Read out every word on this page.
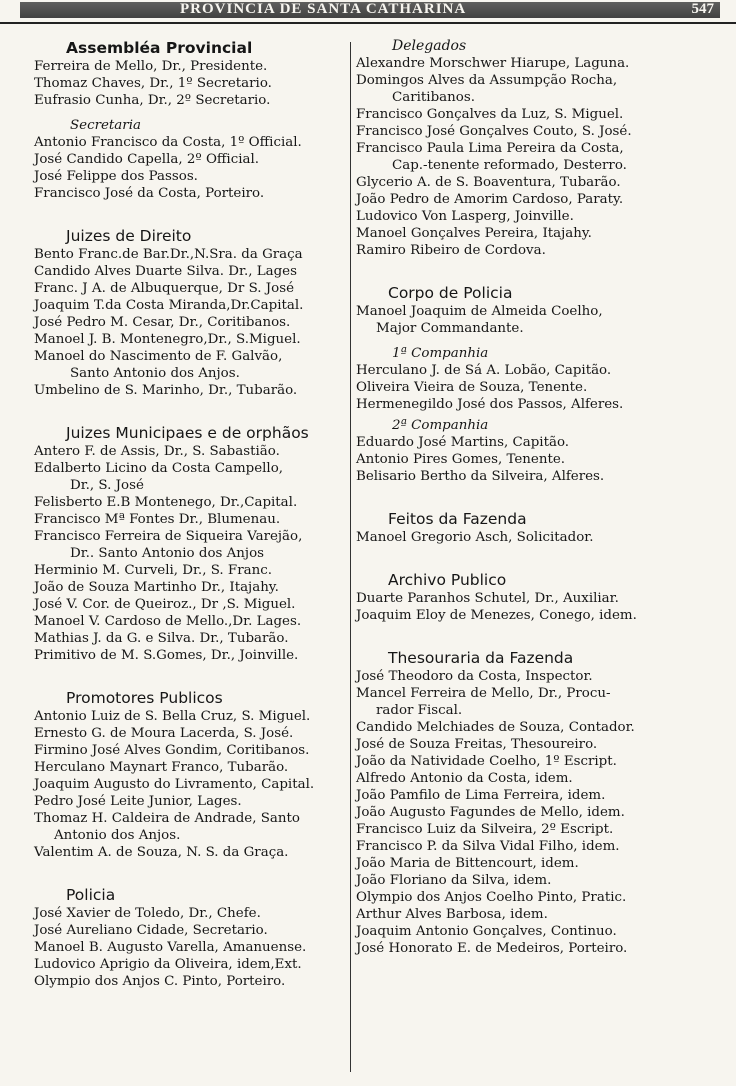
PROVINCIA DE SANTA CATHARINA	547
Assembléa Provincial
Ferreira de Mello, Dr., Presidente.
Thomaz Chaves, Dr., 1º Secretario.
Eufrasio Cunha, Dr., 2º Secretario.
Secretaria
Antonio Francisco da Costa, 1º Official.
José Candido Capella, 2º Official.
José Felippe dos Passos.
Francisco José da Costa, Porteiro.
Juizes de Direito
Bento Franc.de Bar.Dr.,N.Sra. da Graça
Candido Alves Duarte Silva. Dr., Lages
Franc. J A. de Albuquerque, Dr S. José
Joaquim T.da Costa Miranda,Dr.Capital.
José Pedro M. Cesar, Dr., Coritibanos.
Manoel J. B. Montenegro,Dr., S.Miguel.
Manoel do Nascimento de F. Galvão,
Santo Antonio dos Anjos.
Umbelino de S. Marinho, Dr., Tubarão.
Juizes Municipaes e de orphãos
Antero F. de Assis, Dr., S. Sabastião.
Edalberto Licino da Costa Campello,
Dr., S. José
Felisberto E.B Montenego, Dr.,Capital.
Francisco Mª Fontes Dr., Blumenau.
Francisco Ferreira de Siqueira Varejão,
Dr.. Santo Antonio dos Anjos
Herminio M. Curveli, Dr., S. Franc.
João de Souza Martinho Dr., Itajahy.
José V. Cor. de Queiroz., Dr ,S. Miguel.
Manoel V. Cardoso de Mello.,Dr. Lages.
Mathias J. da G. e Silva. Dr., Tubarão.
Primitivo de M. S.Gomes, Dr., Joinville.
Promotores Publicos
Antonio Luiz de S. Bella Cruz, S. Miguel.
Ernesto G. de Moura Lacerda, S. José.
Firmino José Alves Gondim, Coritibanos.
Herculano Maynart Franco, Tubarão.
Joaquim Augusto do Livramento, Capital.
Pedro José Leite Junior, Lages.
Thomaz H. Caldeira de Andrade, Santo
Antonio dos Anjos.
Valentim A. de Souza, N. S. da Graça.
Policia
José Xavier de Toledo, Dr., Chefe.
José Aureliano Cidade, Secretario.
Manoel B. Augusto Varella, Amanuense.
Ludovico Aprigio da Oliveira, idem,Ext.
Olympio dos Anjos C. Pinto, Porteiro.
Delegados
Alexandre Morschwer Hiarupe, Laguna.
Domingos Alves da Assumpção Rocha,
Caritibanos.
Francisco Gonçalves da Luz, S. Miguel.
Francisco José Gonçalves Couto, S. José.
Francisco Paula Lima Pereira da Costa,
Cap.-tenente reformado, Desterro.
Glycerio A. de S. Boaventura, Tubarão.
João Pedro de Amorim Cardoso, Paraty.
Ludovico Von Lasperg, Joinville.
Manoel Gonçalves Pereira, Itajahy.
Ramiro Ribeiro de Cordova.
Corpo de Policia
Manoel Joaquim de Almeida Coelho,
Major Commandante.
1ª Companhia
Herculano J. de Sá A. Lobão, Capitão.
Oliveira Vieira de Souza, Tenente.
Hermenegildo José dos Passos, Alferes.
2ª Companhia
Eduardo José Martins, Capitão.
Antonio Pires Gomes, Tenente.
Belisario Bertho da Silveira, Alferes.
Feitos da Fazenda
Manoel Gregorio Asch, Solicitador.
Archivo Publico
Duarte Paranhos Schutel, Dr., Auxiliar.
Joaquim Eloy de Menezes, Conego, idem.
Thesouraria da Fazenda
José Theodoro da Costa, Inspector.
Mancel Ferreira de Mello, Dr., Procu-
rador Fiscal.
Candido Melchiades de Souza, Contador.
José de Souza Freitas, Thesoureiro.
João da Natividade Coelho, 1º Escript.
Alfredo Antonio da Costa, idem.
João Pamfilo de Lima Ferreira, idem.
João Augusto Fagundes de Mello, idem.
Francisco Luiz da Silveira, 2º Escript.
Francisco P. da Silva Vidal Filho, idem.
João Maria de Bittencourt, idem.
João Floriano da Silva, idem.
Olympio dos Anjos Coelho Pinto, Pratic.
Arthur Alves Barbosa, idem.
Joaquim Antonio Gonçalves, Continuo.
José Honorato E. de Medeiros, Porteiro.
